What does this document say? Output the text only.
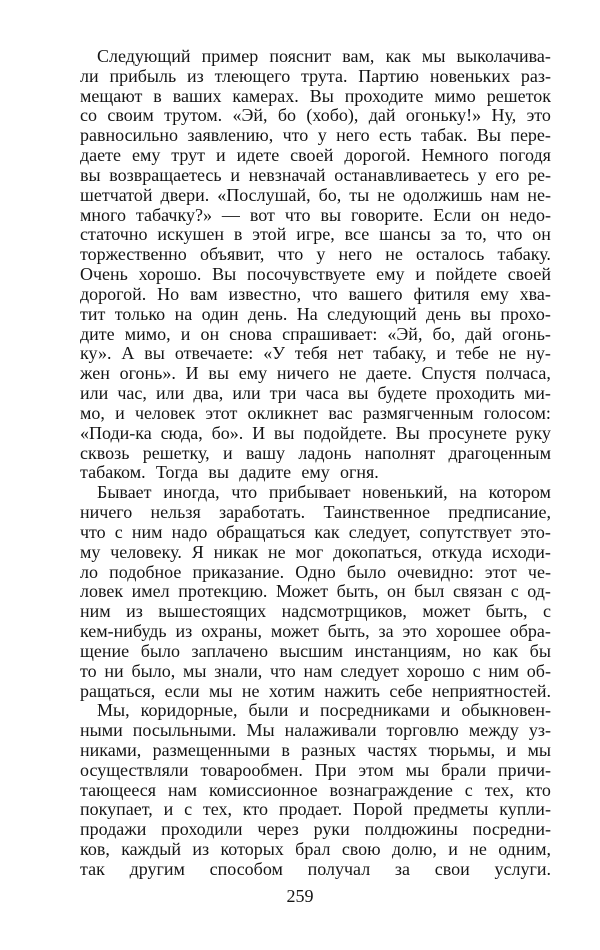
Следующий пример пояснит вам, как мы выколачива-
ли прибыль из тлеющего трута. Партию новеньких раз-
мещают в ваших камерах. Вы проходите мимо решеток
со своим трутом. «Эй, бо (хобо), дай огоньку!» Ну, это
равносильно заявлению, что у него есть табак. Вы пере-
даете ему трут и идете своей дорогой. Немного погодя
вы возвращаетесь и невзначай останавливаетесь у его ре-
шетчатой двери. «Послушай, бо, ты не одолжишь нам не-
много табачку?» — вот что вы говорите. Если он недо-
статочно искушен в этой игре, все шансы за то, что он
торжественно объявит, что у него не осталось табаку.
Очень хорошо. Вы посочувствуете ему и пойдете своей
дорогой. Но вам известно, что вашего фитиля ему хва-
тит только на один день. На следующий день вы прохо-
дите мимо, и он снова спрашивает: «Эй, бо, дай огонь-
ку». А вы отвечаете: «У тебя нет табаку, и тебе не ну-
жен огонь». И вы ему ничего не даете. Спустя полчаса,
или час, или два, или три часа вы будете проходить ми-
мо, и человек этот окликнет вас размягченным голосом:
«Поди-ка сюда, бо». И вы подойдете. Вы просунете руку
сквозь решетку, и вашу ладонь наполнят драгоценным
табаком. Тогда вы дадите ему огня.
Бывает иногда, что прибывает новенький, на котором
ничего нельзя заработать. Таинственное предписание,
что с ним надо обращаться как следует, сопутствует это-
му человеку. Я никак не мог докопаться, откуда исходи-
ло подобное приказание. Одно было очевидно: этот че-
ловек имел протекцию. Может быть, он был связан с од-
ним из вышестоящих надсмотрщиков, может быть, с
кем-нибудь из охраны, может быть, за это хорошее обра-
щение было заплачено высшим инстанциям, но как бы
то ни было, мы знали, что нам следует хорошо с ним об-
ращаться, если мы не хотим нажить себе неприятностей.
Мы, коридорные, были и посредниками и обыкновен-
ными посыльными. Мы налаживали торговлю между уз-
никами, размещенными в разных частях тюрьмы, и мы
осуществляли товарообмен. При этом мы брали причи-
тающееся нам комиссионное вознаграждение с тех, кто
покупает, и с тех, кто продает. Порой предметы купли-
продажи проходили через руки полдюжины посредни-
ков, каждый из которых брал свою долю, и не одним,
так другим способом получал за свои услуги.
259
